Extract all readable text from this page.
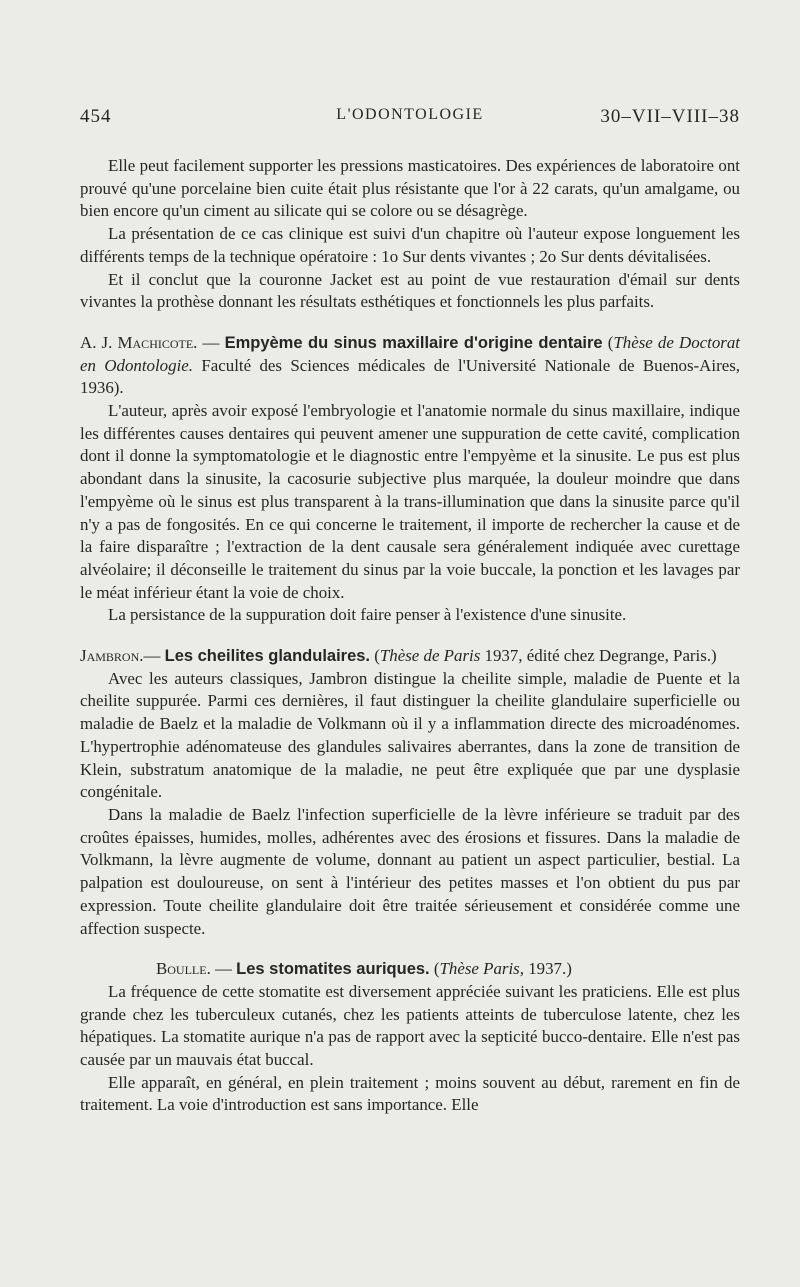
454	L'ODONTOLOGIE	30–VII–VIII–38

Elle peut facilement supporter les pressions masticatoires. Des expériences de laboratoire ont prouvé qu'une porcelaine bien cuite était plus résistante que l'or à 22 carats, qu'un amalgame, ou bien encore qu'un ciment au silicate qui se colore ou se désagrège.

La présentation de ce cas clinique est suivi d'un chapitre où l'auteur expose longuement les différents temps de la technique opératoire : 1o Sur dents vivantes ; 2o Sur dents dévitalisées.

Et il conclut que la couronne Jacket est au point de vue restauration d'émail sur dents vivantes la prothèse donnant les résultats esthétiques et fonctionnels les plus parfaits.

A. J. Machicote. — Empyème du sinus maxillaire d'origine dentaire (Thèse de Doctorat en Odontologie. Faculté des Sciences médicales de l'Université Nationale de Buenos-Aires, 1936).

L'auteur, après avoir exposé l'embryologie et l'anatomie normale du sinus maxillaire, indique les différentes causes dentaires qui peuvent amener une suppuration de cette cavité, complication dont il donne la symptomatologie et le diagnostic entre l'empyème et la sinusite. Le pus est plus abondant dans la sinusite, la cacosurie subjective plus marquée, la douleur moindre que dans l'empyème où le sinus est plus transparent à la trans-illumination que dans la sinusite parce qu'il n'y a pas de fongosités. En ce qui concerne le traitement, il importe de rechercher la cause et de la faire disparaître ; l'extraction de la dent causale sera généralement indiquée avec curettage alvéolaire; il déconseille le traitement du sinus par la voie buccale, la ponction et les lavages par le méat inférieur étant la voie de choix.

La persistance de la suppuration doit faire penser à l'existence d'une sinusite.

Jambron.— Les cheilites glandulaires. (Thèse de Paris 1937, édité chez Degrange, Paris.)

Avec les auteurs classiques, Jambron distingue la cheilite simple, maladie de Puente et la cheilite suppurée. Parmi ces dernières, il faut distinguer la cheilite glandulaire superficielle ou maladie de Baelz et la maladie de Volkmann où il y a inflammation directe des microadénomes. L'hypertrophie adénomateuse des glandules salivaires aberrantes, dans la zone de transition de Klein, substratum anatomique de la maladie, ne peut être expliquée que par une dysplasie congénitale.

Dans la maladie de Baelz l'infection superficielle de la lèvre inférieure se traduit par des croûtes épaisses, humides, molles, adhérentes avec des érosions et fissures. Dans la maladie de Volkmann, la lèvre augmente de volume, donnant au patient un aspect particulier, bestial. La palpation est douloureuse, on sent à l'intérieur des petites masses et l'on obtient du pus par expression. Toute cheilite glandulaire doit être traitée sérieusement et considérée comme une affection suspecte.

Boulle. — Les stomatites auriques. (Thèse Paris, 1937.)

La fréquence de cette stomatite est diversement appréciée suivant les praticiens. Elle est plus grande chez les tuberculeux cutanés, chez les patients atteints de tuberculose latente, chez les hépatiques. La stomatite aurique n'a pas de rapport avec la septicité bucco-dentaire. Elle n'est pas causée par un mauvais état buccal.

Elle apparaît, en général, en plein traitement ; moins souvent au début, rarement en fin de traitement. La voie d'introduction est sans importance. Elle
